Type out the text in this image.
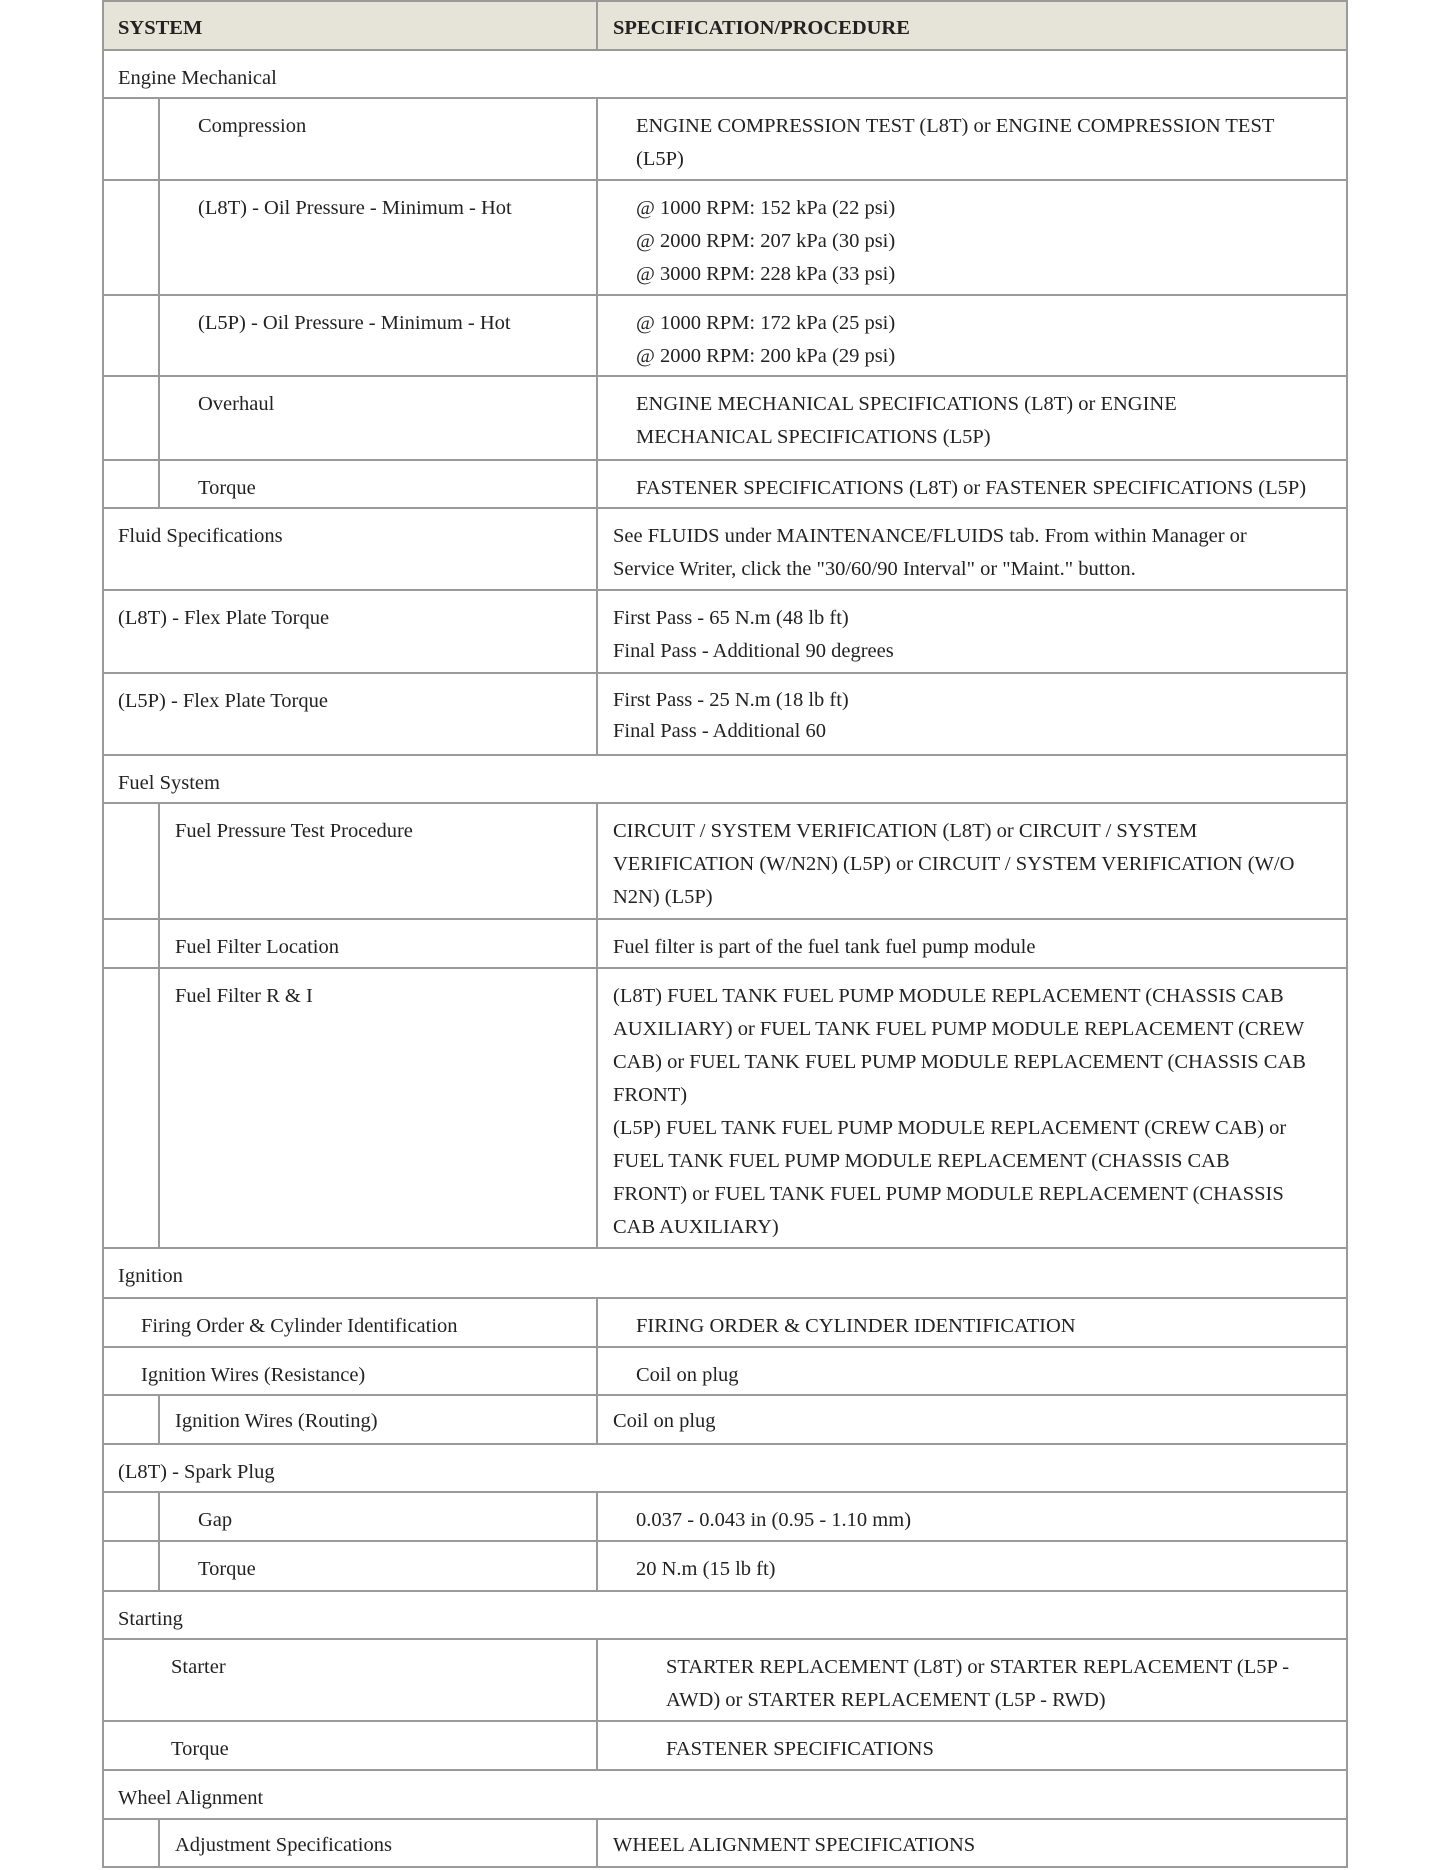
SYSTEM	SPECIFICATION/PROCEDURE
Engine Mechanical
Compression	ENGINE COMPRESSION TEST (L8T) or ENGINE COMPRESSION TEST
(L5P)
(L8T) - Oil Pressure - Minimum - Hot	@ 1000 RPM: 152 kPa (22 psi)
@ 2000 RPM: 207 kPa (30 psi)
@ 3000 RPM: 228 kPa (33 psi)
(L5P) - Oil Pressure - Minimum - Hot	@ 1000 RPM: 172 kPa (25 psi)
@ 2000 RPM: 200 kPa (29 psi)
Overhaul	ENGINE MECHANICAL SPECIFICATIONS (L8T) or ENGINE
MECHANICAL SPECIFICATIONS (L5P)
Torque	FASTENER SPECIFICATIONS (L8T) or FASTENER SPECIFICATIONS (L5P)
Fluid Specifications	See FLUIDS under MAINTENANCE/FLUIDS tab. From within Manager or
Service Writer, click the "30/60/90 Interval" or "Maint." button.
(L8T) - Flex Plate Torque	First Pass - 65 N.m (48 lb ft)
Final Pass - Additional 90 degrees
(L5P) - Flex Plate Torque	First Pass - 25 N.m (18 lb ft)
Final Pass - Additional 60
Fuel System
Fuel Pressure Test Procedure	CIRCUIT / SYSTEM VERIFICATION (L8T) or CIRCUIT / SYSTEM
VERIFICATION (W/N2N) (L5P) or CIRCUIT / SYSTEM VERIFICATION (W/O
N2N) (L5P)
Fuel Filter Location	Fuel filter is part of the fuel tank fuel pump module
Fuel Filter R & I	(L8T) FUEL TANK FUEL PUMP MODULE REPLACEMENT (CHASSIS CAB
AUXILIARY) or FUEL TANK FUEL PUMP MODULE REPLACEMENT (CREW
CAB) or FUEL TANK FUEL PUMP MODULE REPLACEMENT (CHASSIS CAB
FRONT)
(L5P) FUEL TANK FUEL PUMP MODULE REPLACEMENT (CREW CAB) or
FUEL TANK FUEL PUMP MODULE REPLACEMENT (CHASSIS CAB
FRONT) or FUEL TANK FUEL PUMP MODULE REPLACEMENT (CHASSIS
CAB AUXILIARY)
Ignition
Firing Order & Cylinder Identification	FIRING ORDER & CYLINDER IDENTIFICATION
Ignition Wires (Resistance)	Coil on plug
Ignition Wires (Routing)	Coil on plug
(L8T) - Spark Plug
Gap	0.037 - 0.043 in (0.95 - 1.10 mm)
Torque	20 N.m (15 lb ft)
Starting
Starter	STARTER REPLACEMENT (L8T) or STARTER REPLACEMENT (L5P -
AWD) or STARTER REPLACEMENT (L5P - RWD)
Torque	FASTENER SPECIFICATIONS
Wheel Alignment
Adjustment Specifications	WHEEL ALIGNMENT SPECIFICATIONS
